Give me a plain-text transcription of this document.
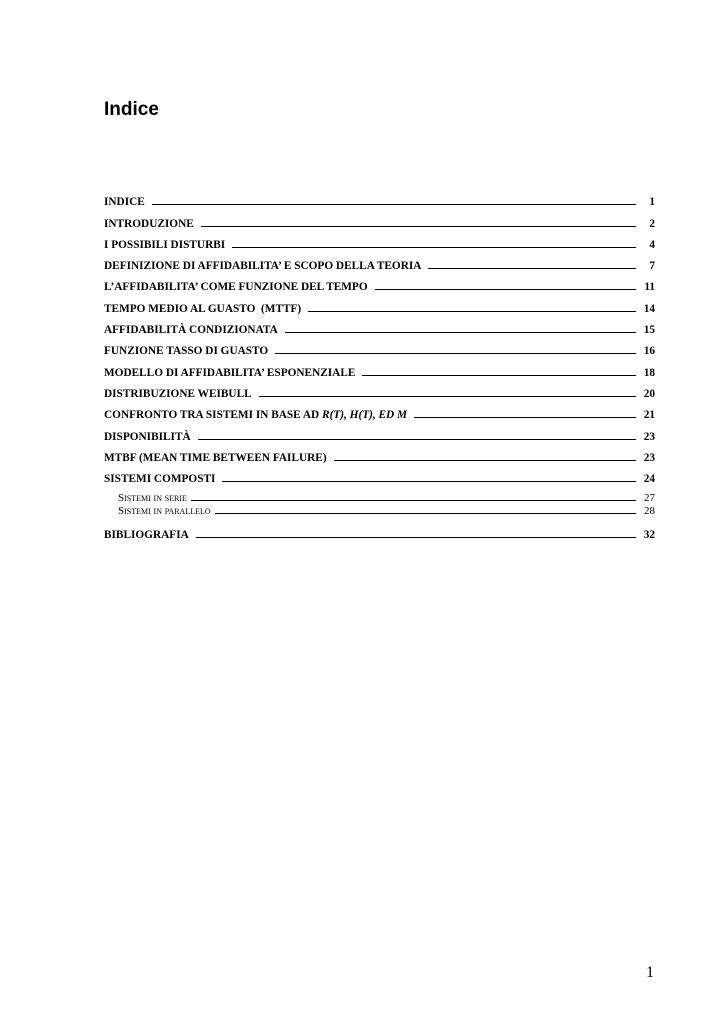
Indice
INDICE	1
INTRODUZIONE	2
I POSSIBILI DISTURBI	4
DEFINIZIONE DI AFFIDABILITA’ E SCOPO DELLA TEORIA	7
L’AFFIDABILITA’ COME FUNZIONE DEL TEMPO	11
TEMPO MEDIO AL GUASTO  (MTTF)	14
AFFIDABILITÀ CONDIZIONATA	15
FUNZIONE TASSO DI GUASTO	16
MODELLO DI AFFIDABILITA’ ESPONENZIALE	18
DISTRIBUZIONE WEIBULL	20
CONFRONTO TRA SISTEMI IN BASE AD R(T), H(T), ED M	21
DISPONIBILITÀ	23
MTBF (MEAN TIME BETWEEN FAILURE)	23
SISTEMI COMPOSTI	24
Sistemi in serie	27
Sistemi in parallelo	28
BIBLIOGRAFIA	32
1
